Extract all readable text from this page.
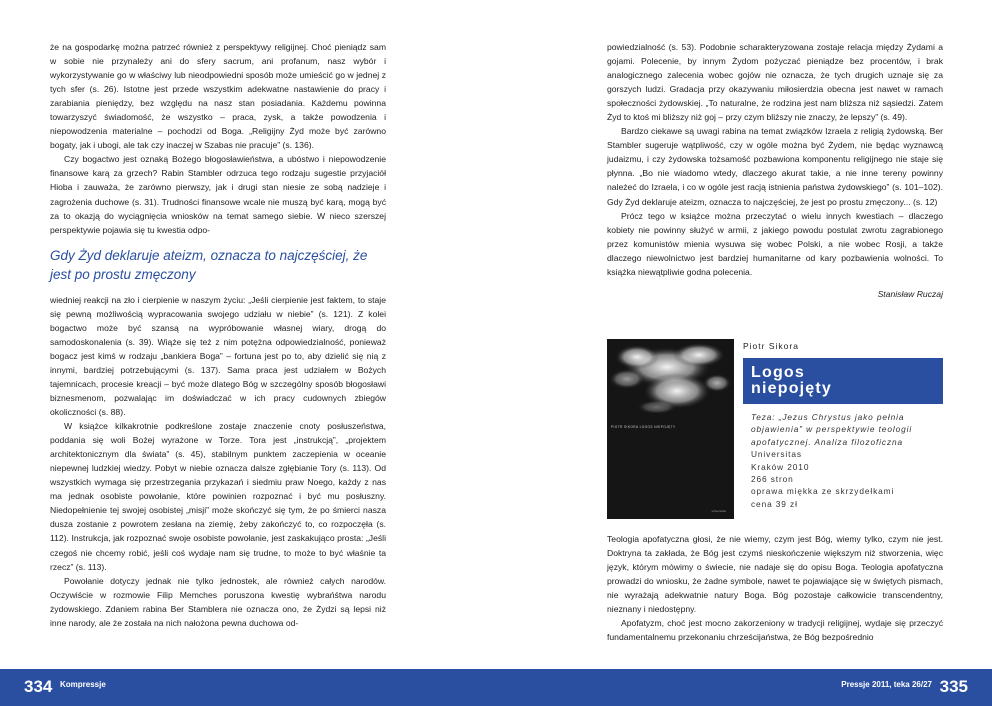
że na gospodarkę można patrzeć również z perspektywy religijnej. Choć pieniądz sam w sobie nie przynależy ani do sfery sacrum, ani profanum, nasz wybór i wykorzystywanie go w właściwy lub nieodpowiedni sposób może umieścić go w jednej z tych sfer (s. 26). Istotne jest przede wszystkim adekwatne nastawienie do pracy i zarabiania pieniędzy, bez względu na nasz stan posiadania. Każdemu powinna towarzyszyć świadomość, że wszystko – praca, zysk, a także powodzenia i niepowodzenia materialne – pochodzi od Boga. „Religijny Żyd może być zarówno bogaty, jak i ubogi, ale tak czy inaczej w Szabas nie pracuje” (s. 136).

Czy bogactwo jest oznaką Bożego błogosławieństwa, a ubóstwo i niepowodzenie finansowe karą za grzech? Rabin Stambler odrzuca tego rodzaju sugestie przyjaciół Hioba i zauważa, że zarówno pierwszy, jak i drugi stan niesie ze sobą nadzieje i zagrożenia duchowe (s. 31). Trudności finansowe wcale nie muszą być karą, mogą być za to okazją do wyciągnięcia wniosków na temat samego siebie. W nieco szerszej perspektywie pojawia się tu kwestia odpo-

Gdy Żyd deklaruje ateizm, oznacza to najczęściej, że jest po prostu zmęczony

wiedniej reakcji na zło i cierpienie w naszym życiu: „Jeśli cierpienie jest faktem, to staje się pewną możliwością wypracowania swojego udziału w niebie” (s. 121). Z kolei bogactwo może być szansą na wypróbowanie własnej wiary, drogą do samodoskonalenia (s. 39). Wiąże się też z nim potężna odpowiedzialność, ponieważ bogacz jest kimś w rodzaju „bankiera Boga” – fortuna jest po to, aby dzielić się nią z innymi, bardziej potrzebującymi (s. 137). Sama praca jest udziałem w Bożych tajemnicach, procesie kreacji – być może dlatego Bóg w szczególny sposób błogosławi biznesmenom, pozwalając im doświadczać w ich pracy cudownych zbiegów okoliczności (s. 88).

W książce kilkakrotnie podkreślone zostaje znaczenie cnoty posłuszeństwa, poddania się woli Bożej wyrażone w Torze. Tora jest „instrukcją”, „projektem architektonicznym dla świata” (s. 45), stabilnym punktem zaczepienia w oceanie niepewnej ludzkiej wiedzy. Pobyt w niebie oznacza dalsze zgłębianie Tory (s. 113). Od wszystkich wymaga się przestrzegania przykazań i siedmiu praw Noego, każdy z nas ma jednak osobiste powołanie, które powinien rozpoznać i być mu posłuszny. Niedopełnienie tej swojej osobistej „misji” może skończyć się tym, że po śmierci nasza dusza zostanie z powrotem zesłana na ziemię, żeby zakończyć to, co rozpoczęła (s. 112). Instrukcja, jak rozpoznać swoje osobiste powołanie, jest zaskakująco prosta: „Jeśli czegoś nie chcemy robić, jeśli coś wydaje nam się trudne, to może to być właśnie ta rzecz” (s. 113).

Powołanie dotyczy jednak nie tylko jednostek, ale również całych narodów. Oczywiście w rozmowie Filip Memches poruszona kwestię wybrańśtwa narodu żydowskiego. Zdaniem rabina Ber Stamblera nie oznacza ono, że Żydzi są lepsi niż inne narody, ale że została na nich nałożona pewna duchowa od-

powiedzialność (s. 53). Podobnie scharakteryzowana zostaje relacja między Żydami a gojami. Polecenie, by innym Żydom pożyczać pieniądze bez procentów, i brak analogicznego zalecenia wobec gojów nie oznacza, że tych drugich uznaje się za gorszych ludzi. Gradacja przy okazywaniu miłosierdzia obecna jest nawet w ramach społeczności żydowskiej. „To naturalne, że rodzina jest nam bliższa niż sąsiedzi. Zatem Żyd to ktoś mi bliższy niż goj – przy czym bliższy nie znaczy, że lepszy” (s. 49).

Bardzo ciekawe są uwagi rabina na temat związków Izraela z religią żydowską. Ber Stambler sugeruje wątpliwość, czy w ogóle można być Żydem, nie będąc wyznawcą judaizmu, i czy żydowska tożsamość pozbawiona komponentu religijnego nie staje się płynna. „Bo nie wiadomo wtedy, dlaczego akurat takie, a nie inne tereny powinny należeć do Izraela, i co w ogóle jest racją istnienia państwa żydowskiego” (s. 101–102). Gdy Żyd deklaruje ateizm, oznacza to najczęściej, że jest po prostu zmęczony... (s. 12)

Prócz tego w książce można przeczytać o wielu innych kwestiach – dlaczego kobiety nie powinny służyć w armii, z jakiego powodu postulat zwrotu zagrabionego przez komunistów mienia wysuwa się wobec Polski, a nie wobec Rosji, a także dlaczego niewolnictwo jest bardziej humanitarne od kary pozbawienia wolności. To książka niewątpliwie godna polecenia.

Stanisław Ruczaj

PIOTR SIKORA LOGOS NIEPOJĘTY
universitas
Piotr Sikora
Logos
niepojęty
Teza: „Jezus Chrystus jako pełnia objawienia” w perspektywie teologii apofatycznej. Analiza filozoficzna
Universitas
Kraków 2010
266 stron
oprawa miękka ze skrzydełkami
cena 39 zł

Teologia apofatyczna głosi, że nie wiemy, czym jest Bóg, wiemy tylko, czym nie jest. Doktryna ta zakłada, że Bóg jest czymś nieskończenie większym niż stworzenia, więc język, którym mówimy o świecie, nie nadaje się do opisu Boga. Teologia apofatyczna prowadzi do wniosku, że żadne symbole, nawet te pojawiające się w świętych pismach, nie wyrażają adekwatnie natury Boga. Bóg pozostaje całkowicie transcendentny, nieznany i niedostępny.

Apofatyzm, choć jest mocno zakorzeniony w tradycji religijnej, wydaje się przeczyć fundamentalnemu przekonaniu chrześcijaństwa, że Bóg bezpośrednio

334 Kompressje	Pressje 2011, teka 26/27 335
